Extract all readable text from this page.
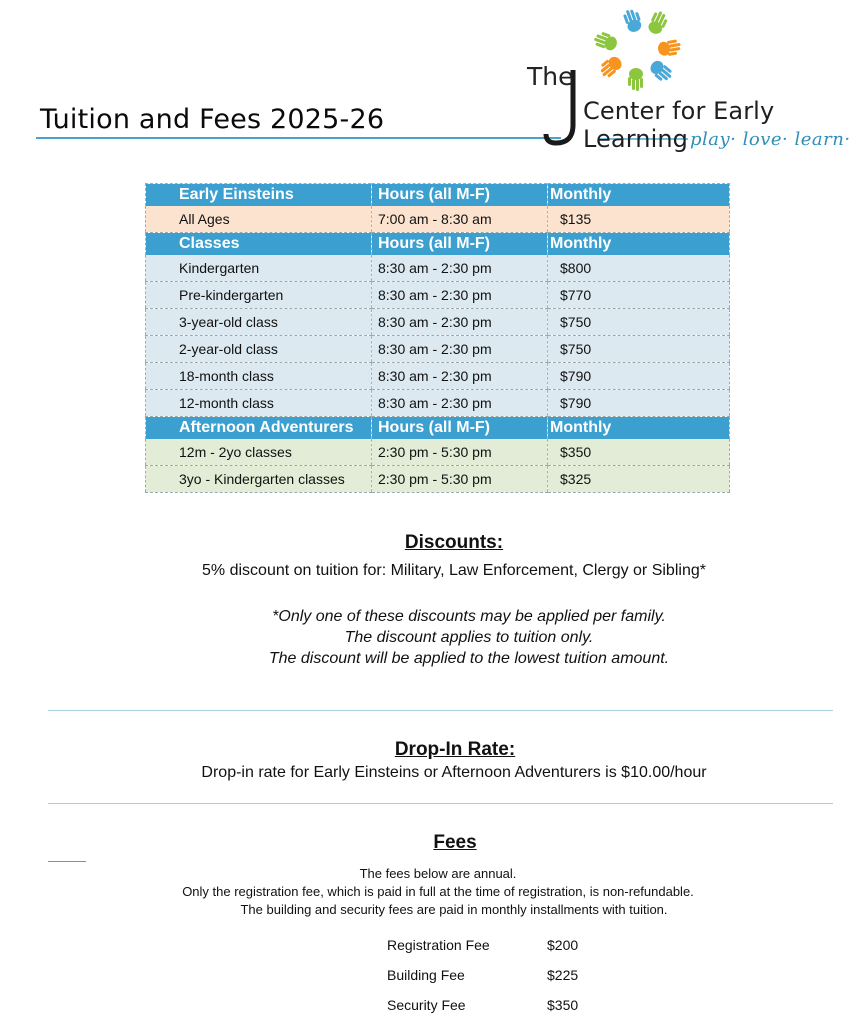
Tuition and Fees 2025-26
The
Center for Early Learning play· love· learn·
Early Einsteins	Hours (all M-F)	Monthly
All Ages	7:00 am - 8:30 am	$135
Classes	Hours (all M-F)	Monthly
Kindergarten	8:30 am - 2:30 pm	$800
Pre-kindergarten	8:30 am - 2:30 pm	$770
3-year-old class	8:30 am - 2:30 pm	$750
2-year-old class	8:30 am - 2:30 pm	$750
18-month class	8:30 am - 2:30 pm	$790
12-month class	8:30 am - 2:30 pm	$790
Afternoon Adventurers	Hours (all M-F)	Monthly
12m - 2yo classes	2:30 pm - 5:30 pm	$350
3yo - Kindergarten classes	2:30 pm - 5:30 pm	$325
Discounts:
5% discount on tuition for: Military, Law Enforcement, Clergy or Sibling*
*Only one of these discounts may be applied per family.
The discount applies to tuition only.
The discount will be applied to the lowest tuition amount.
Drop-In Rate:
Drop-in rate for Early Einsteins or Afternoon Adventurers is $10.00/hour
Fees
The fees below are annual.
Only the registration fee, which is paid in full at the time of registration, is non-refundable.
The building and security fees are paid in monthly installments with tuition.
Registration Fee	$200
Building Fee	$225
Security Fee	$350
